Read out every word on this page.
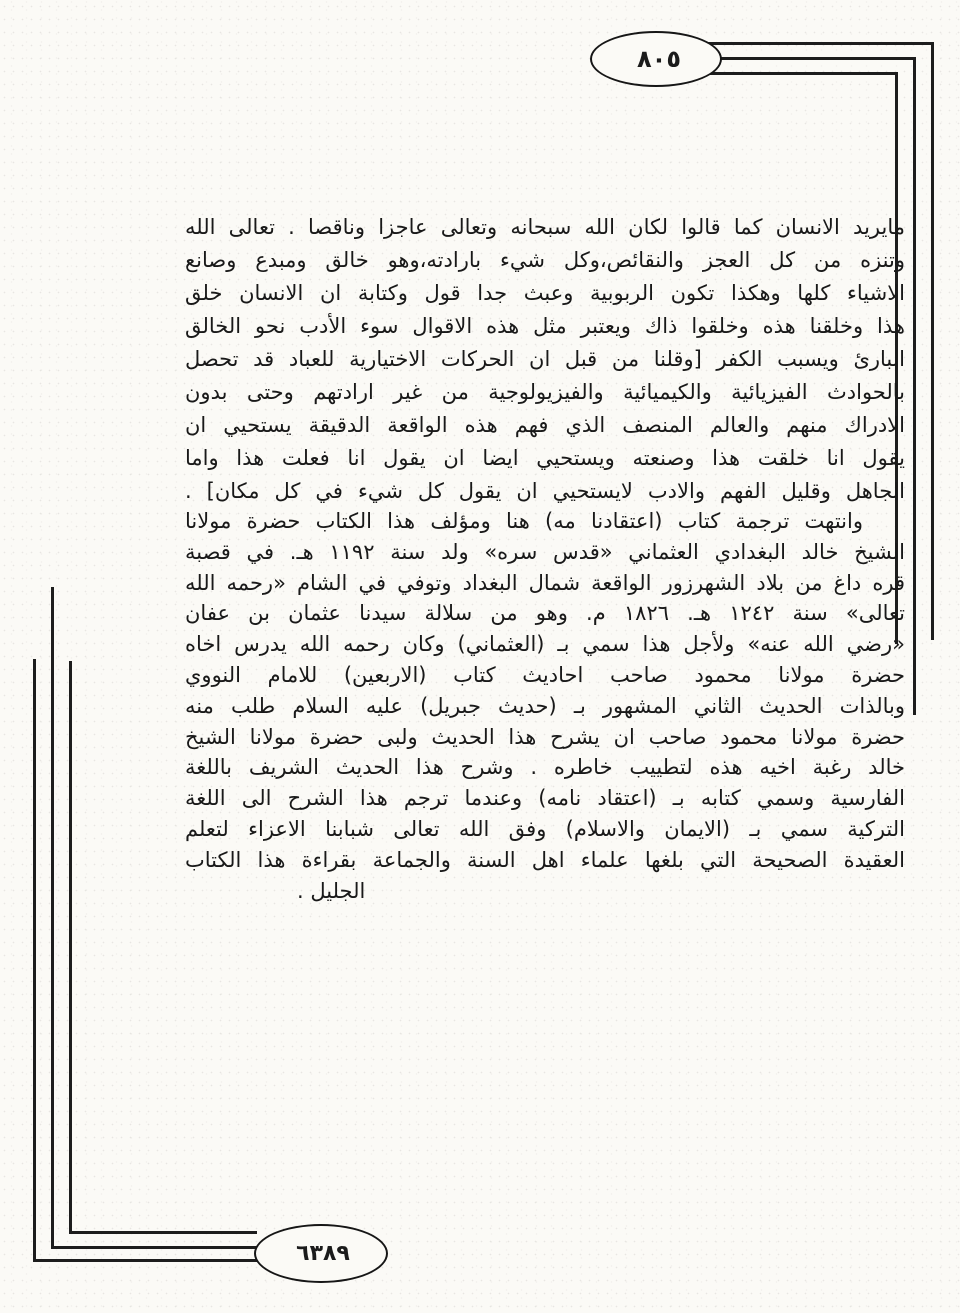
٨٠٥
٦٣٨٩
مايريد الانسان كما قالوا لكان الله سبحانه وتعالى عاجزا وناقصا . تعالى الله
وتنزه من كل العجز والنقائص،وكل شيء بارادته،وهو خالق ومبدع وصانع
الاشياء كلها وهكذا تكون الربوبية وعبث جدا قول وكتابة ان الانسان خلق
هذا وخلقنا هذه وخلقوا ذاك ويعتبر مثل هذه الاقوال سوء الأدب نحو الخالق
البارئ ويسبب الكفر [وقلنا من قبل ان الحركات الاختيارية للعباد قد تحصل
بالحوادث الفيزيائية والكيميائية والفيزيولوجية من غير ارادتهم وحتى بدون
الادراك منهم والعالم المنصف الذي فهم هذه الواقعة الدقيقة يستحيي ان
يقول انا خلقت هذا وصنعته ويستحيي ايضا ان يقول انا فعلت هذا واما
الجاهل وقليل الفهم والادب لايستحيي ان يقول كل شيء في كل مكان] .
وانتهت ترجمة كتاب (اعتقادنا مه) هنا ومؤلف هذا الكتاب حضرة مولانا
الشيخ خالد البغدادي العثماني «قدس سره» ولد سنة ١١٩٢ هـ. في قصبة
قره داغ من بلاد الشهرزور الواقعة شمال البغداد وتوفي في الشام «رحمه الله
تعالى» سنة ١٢٤٢ هـ. ١٨٢٦ م. وهو من سلالة سيدنا عثمان بن عفان
«رضي الله عنه» ولأجل هذا سمي بـ (العثماني) وكان رحمه الله يدرس اخاه
حضرة مولانا محمود صاحب احاديث كتاب (الاربعين) للامام النووي
وبالذات الحديث الثاني المشهور بـ (حديث جبريل) عليه السلام طلب منه
حضرة مولانا محمود صاحب ان يشرح هذا الحديث ولبى حضرة مولانا الشيخ
خالد رغبة اخيه هذه لتطييب خاطره . وشرح هذا الحديث الشريف باللغة
الفارسية وسمي كتابه بـ (اعتقاد نامه) وعندما ترجم هذا الشرح الى اللغة
التركية سمي بـ (الايمان والاسلام) وفق الله تعالى شبابنا الاعزاء لتعلم
العقيدة الصحيحة التي بلغها علماء اهل السنة والجماعة بقراءة هذا الكتاب
الجليل .
